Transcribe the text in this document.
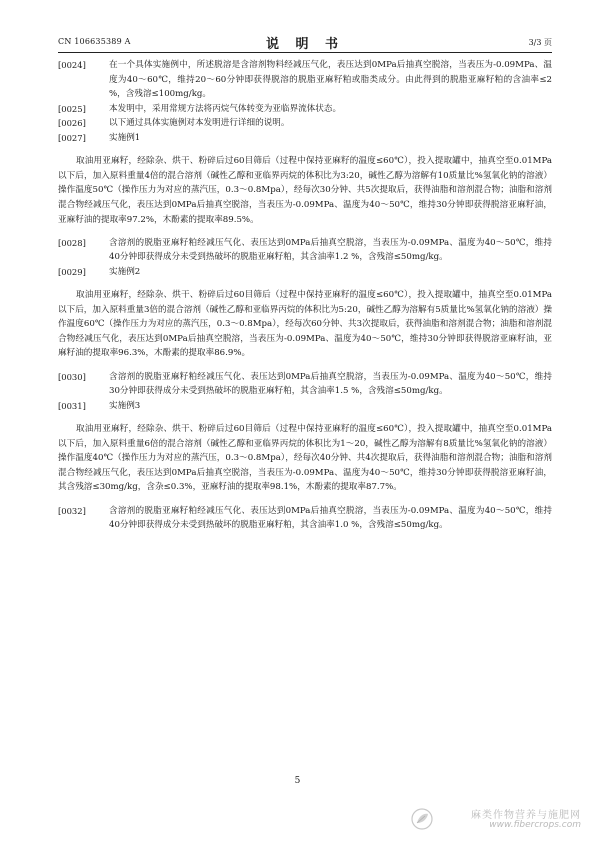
CN 106635389 A	说 明 书	3/3 页
[0024]	在一个具体实施例中，所述脱溶是含溶剂物料经减压气化，表压达到0MPa后抽真空脱溶，当表压为-0.09MPa、温度为40～60℃，维持20～60分钟即获得脱溶的脱脂亚麻籽粕或脂类成分。由此得到的脱脂亚麻籽粕的含油率≤2 %，含残溶≤100mg/kg。
[0025]	本发明中，采用常规方法将丙烷气体转变为亚临界流体状态。
[0026]	以下通过具体实施例对本发明进行详细的说明。
[0027]	实施例1

取油用亚麻籽，经除杂、烘干、粉碎后过60目筛后（过程中保持亚麻籽的温度≤60℃），投入提取罐中，抽真空至0.01MPa以下后，加入原料重量4倍的混合溶剂（碱性乙醇和亚临界丙烷的体积比为3:20，碱性乙醇为溶解有10质量比%氢氧化钠的溶液）操作温度50℃（操作压力为对应的蒸汽压，0.3～0.8Mpa），经每次30分钟、共5次提取后，获得油脂和溶剂混合物；油脂和溶剂混合物经减压气化，表压达到0MPa后抽真空脱溶，当表压为-0.09MPa、温度为40～50℃，维持30分钟即获得脱溶亚麻籽油，亚麻籽油的提取率97.2%，木酚素的提取率89.5%。

[0028]	含溶剂的脱脂亚麻籽粕经减压气化、表压达到0MPa后抽真空脱溶，当表压为-0.09MPa、温度为40～50℃，维持40分钟即获得成分未受到热破坏的脱脂亚麻籽粕，其含油率1.2 %，含残溶≤50mg/kg。
[0029]	实施例2

取油用亚麻籽，经除杂、烘干、粉碎后过60目筛后（过程中保持亚麻籽的温度≤60℃），投入提取罐中，抽真空至0.01MPa以下后，加入原料重量3倍的混合溶剂（碱性乙醇和亚临界丙烷的体积比为5:20，碱性乙醇为溶解有5质量比%氢氧化钠的溶液）操作温度60℃（操作压力为对应的蒸汽压，0.3～0.8Mpa），经每次60分钟、共3次提取后，获得油脂和溶剂混合物；油脂和溶剂混合物经减压气化，表压达到0MPa后抽真空脱溶，当表压为-0.09MPa、温度为40～50℃，维持30分钟即获得脱溶亚麻籽油，亚麻籽油的提取率96.3%，木酚素的提取率86.9%。

[0030]	含溶剂的脱脂亚麻籽粕经减压气化、表压达到0MPa后抽真空脱溶，当表压为-0.09MPa、温度为40～50℃，维持30分钟即获得成分未受到热破坏的脱脂亚麻籽粕，其含油率1.5 %，含残溶≤50mg/kg。
[0031]	实施例3

取油用亚麻籽，经除杂、烘干、粉碎后过60目筛后（过程中保持亚麻籽的温度≤60℃），投入提取罐中，抽真空至0.01MPa以下后，加入原料重量6倍的混合溶剂（碱性乙醇和亚临界丙烷的体积比为1～20，碱性乙醇为溶解有8质量比%氢氧化钠的溶液）操作温度40℃（操作压力为对应的蒸汽压，0.3～0.8Mpa），经每次40分钟、共4次提取后，获得油脂和溶剂混合物；油脂和溶剂混合物经减压气化，表压达到0MPa后抽真空脱溶，当表压为-0.09MPa、温度为40～50℃，维持30分钟即获得脱溶亚麻籽油，其含残溶≤30mg/kg，含杂≤0.3%，亚麻籽油的提取率98.1%，木酚素的提取率87.7%。

[0032]	含溶剂的脱脂亚麻籽粕经减压气化、表压达到0MPa后抽真空脱溶，当表压为-0.09MPa、温度为40～50℃，维持40分钟即获得成分未受到热破坏的脱脂亚麻籽粕，其含油率1.0 %，含残溶≤50mg/kg。
5
麻类作物营养与施肥网
www.fibercrops.com
